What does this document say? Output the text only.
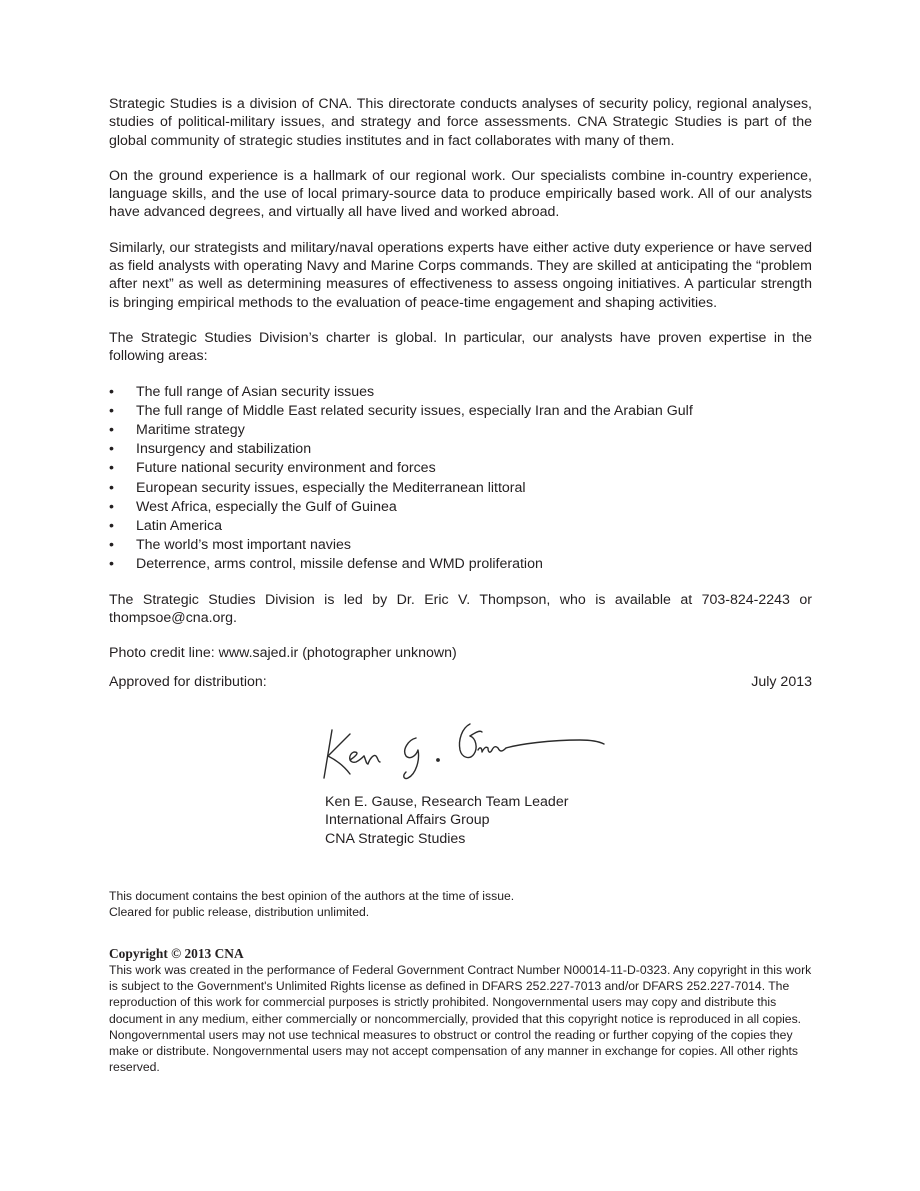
Strategic Studies is a division of CNA. This directorate conducts analyses of security policy, regional analyses, studies of political-military issues, and strategy and force assessments. CNA Strategic Studies is part of the global community of strategic studies institutes and in fact collaborates with many of them.

On the ground experience is a hallmark of our regional work. Our specialists combine in-country experience, language skills, and the use of local primary-source data to produce empirically based work. All of our analysts have advanced degrees, and virtually all have lived and worked abroad.

Similarly, our strategists and military/naval operations experts have either active duty experience or have served as field analysts with operating Navy and Marine Corps commands. They are skilled at anticipating the “problem after next” as well as determining measures of effectiveness to assess ongoing initiatives. A particular strength is bringing empirical methods to the evaluation of peace-time engagement and shaping activities.

The Strategic Studies Division’s charter is global. In particular, our analysts have proven expertise in the following areas:

•	The full range of Asian security issues
•	The full range of Middle East related security issues, especially Iran and the Arabian Gulf
•	Maritime strategy
•	Insurgency and stabilization
•	Future national security environment and forces
•	European security issues, especially the Mediterranean littoral
•	West Africa, especially the Gulf of Guinea
•	Latin America
•	The world’s most important navies
•	Deterrence, arms control, missile defense and WMD proliferation

The Strategic Studies Division is led by Dr. Eric V. Thompson, who is available at 703-824-2243 or thompsoe@cna.org.

Photo credit line: www.sajed.ir (photographer unknown)

Approved for distribution:	July 2013
Ken E. Gause, Research Team Leader
International Affairs Group
CNA Strategic Studies
This document contains the best opinion of the authors at the time of issue.
Cleared for public release, distribution unlimited.
Copyright © 2013 CNA

This work was created in the performance of Federal Government Contract Number N00014-11-D-0323. Any copyright in this work is subject to the Government's Unlimited Rights license as defined in DFARS 252.227-7013 and/or DFARS 252.227-7014. The reproduction of this work for commercial purposes is strictly prohibited. Nongovernmental users may copy and distribute this document in any medium, either commercially or noncommercially, provided that this copyright notice is reproduced in all copies. Nongovernmental users may not use technical measures to obstruct or control the reading or further copying of the copies they make or distribute. Nongovernmental users may not accept compensation of any manner in exchange for copies. All other rights reserved.
